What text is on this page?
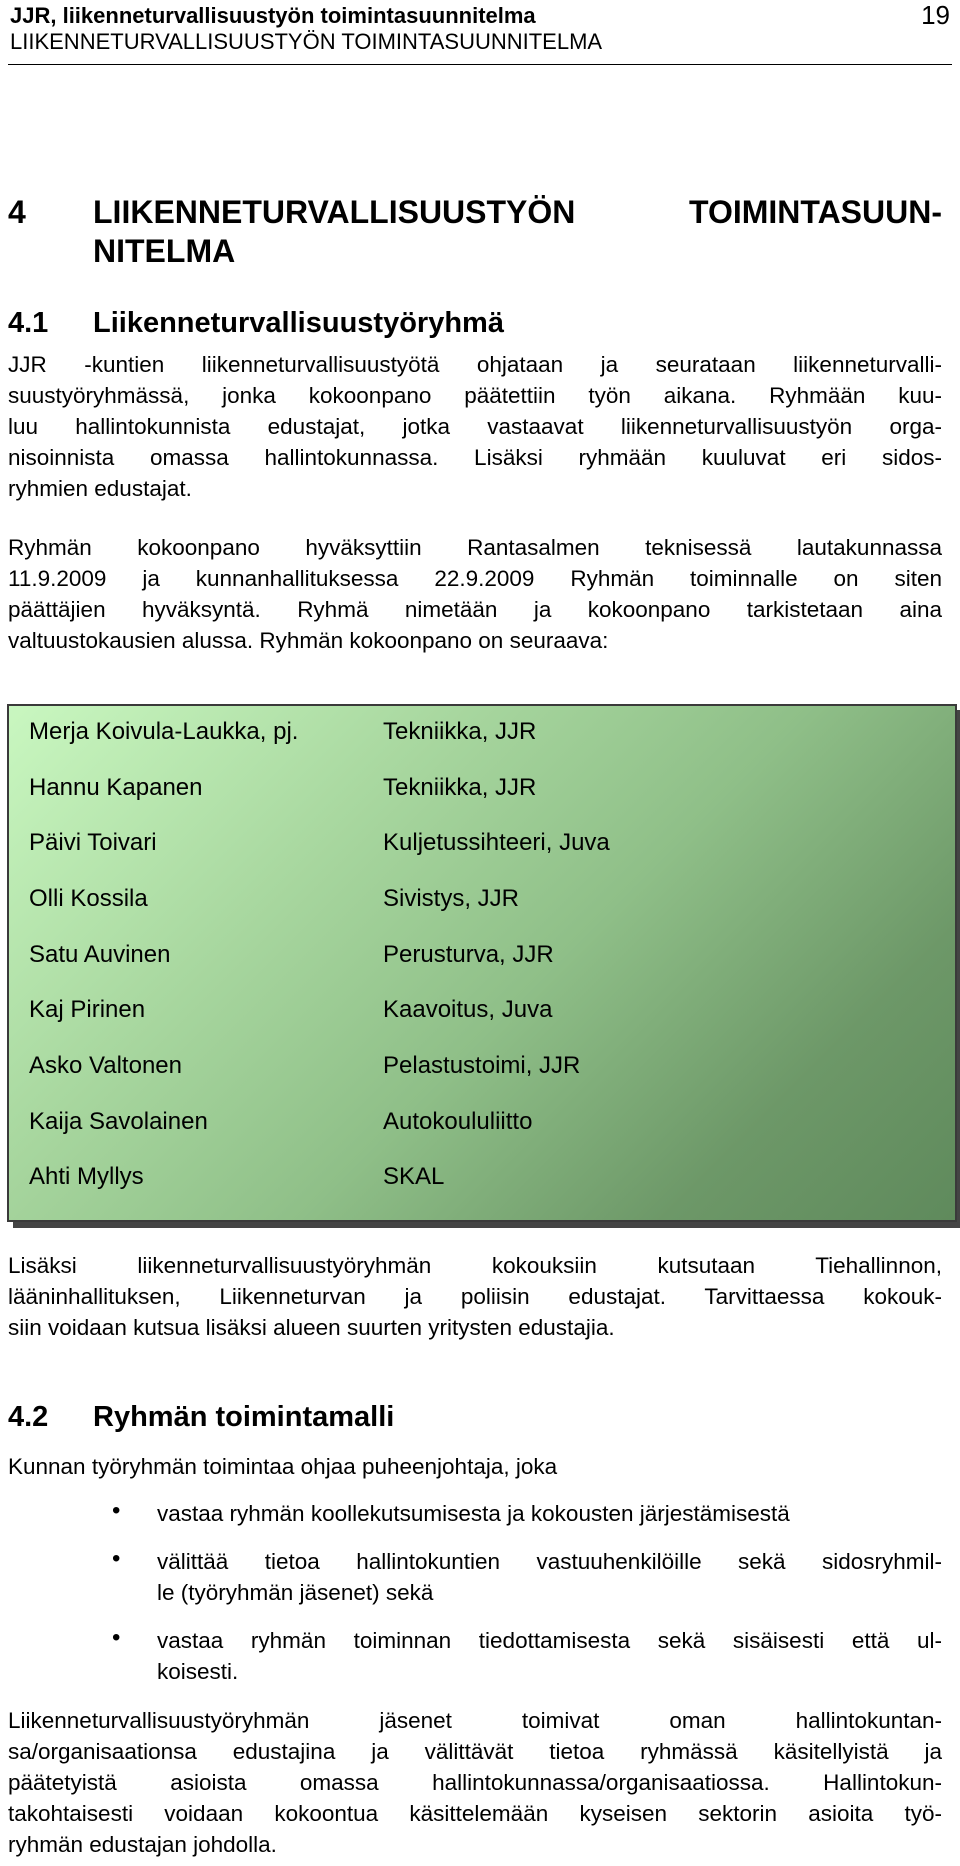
JJR, liikenneturvallisuustyön toimintasuunnitelma
LIIKENNETURVALLISUUSTYÖN TOIMINTASUUNNITELMA
19
4 LIIKENNETURVALLISUUSTYÖN	TOIMINTASUUN-
NITELMA
4.1 Liikenneturvallisuustyöryhmä
JJR -kuntien liikenneturvallisuustyötä ohjataan ja seurataan liikenneturvalli-
suustyöryhmässä, jonka kokoonpano päätettiin työn aikana. Ryhmään kuu-
luu hallintokunnista edustajat, jotka vastaavat liikenneturvallisuustyön orga-
nisoinnista omassa hallintokunnassa. Lisäksi ryhmään kuuluvat eri sidos-
ryhmien edustajat.
Ryhmän kokoonpano hyväksyttiin Rantasalmen teknisessä lautakunnassa
11.9.2009 ja kunnanhallituksessa 22.9.2009 Ryhmän toiminnalle on siten
päättäjien hyväksyntä. Ryhmä nimetään ja kokoonpano tarkistetaan aina
valtuustokausien alussa. Ryhmän kokoonpano on seuraava:
Merja Koivula-Laukka, pj.	Tekniikka, JJR
Hannu Kapanen	Tekniikka, JJR
Päivi Toivari	Kuljetussihteeri, Juva
Olli Kossila	Sivistys, JJR
Satu Auvinen	Perusturva, JJR
Kaj Pirinen	Kaavoitus, Juva
Asko Valtonen	Pelastustoimi, JJR
Kaija Savolainen	Autokoululiitto
Ahti Myllys	SKAL
Lisäksi liikenneturvallisuustyöryhmän kokouksiin kutsutaan Tiehallinnon,
lääninhallituksen, Liikenneturvan ja poliisin edustajat. Tarvittaessa kokouk-
siin voidaan kutsua lisäksi alueen suurten yritysten edustajia.
4.2 Ryhmän toimintamalli
Kunnan työryhmän toimintaa ohjaa puheenjohtaja, joka
• vastaa ryhmän koollekutsumisesta ja kokousten järjestämisestä
• välittää tietoa hallintokuntien vastuuhenkilöille sekä sidosryhmil-
le (työryhmän jäsenet) sekä
• vastaa ryhmän toiminnan tiedottamisesta sekä sisäisesti että ul-
koisesti.
Liikenneturvallisuustyöryhmän jäsenet toimivat oman hallintokuntan-
sa/organisaationsa edustajina ja välittävät tietoa ryhmässä käsitellyistä ja
päätetyistä asioista omassa hallintokunnassa/organisaatiossa. Hallintokun-
takohtaisesti voidaan kokoontua käsittelemään kyseisen sektorin asioita työ-
ryhmän edustajan johdolla.
